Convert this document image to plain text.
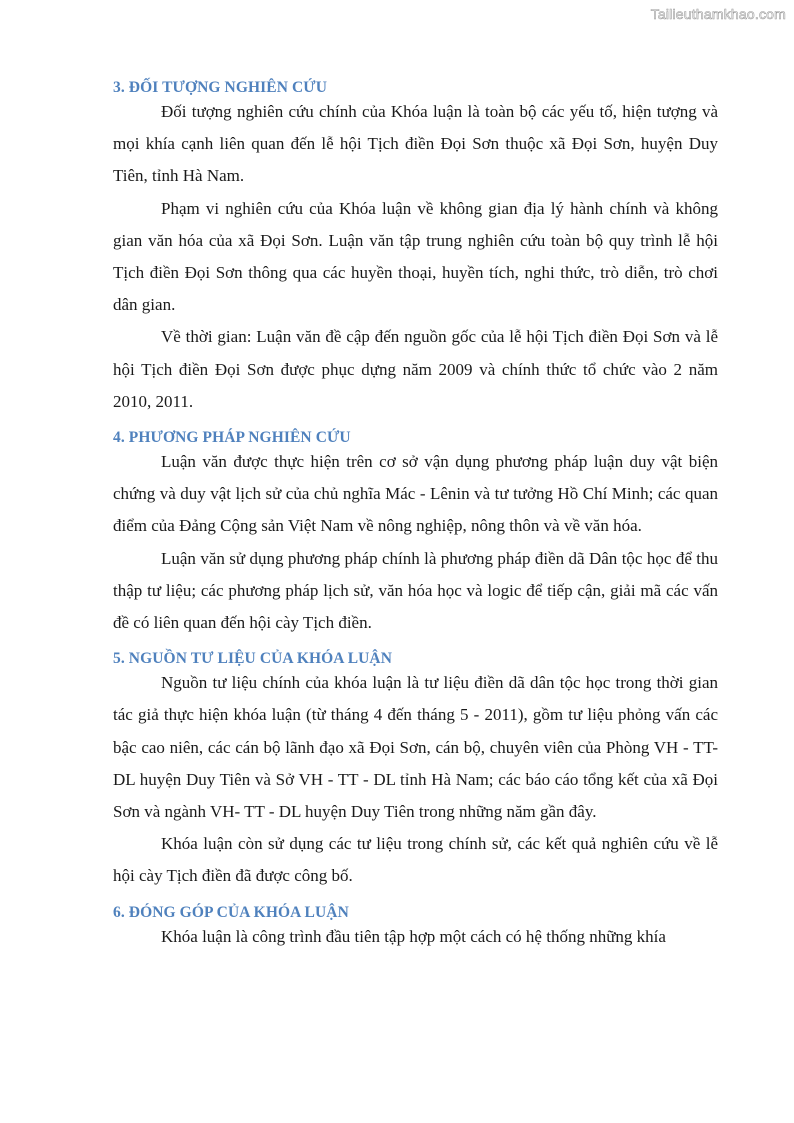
Tailieuthamkhao.com
3. ĐỐI TƯỢNG NGHIÊN CỨU

Đối tượng nghiên cứu chính của Khóa luận là toàn bộ các yếu tố, hiện tượng và mọi khía cạnh liên quan đến lễ hội Tịch điền Đọi Sơn thuộc xã Đọi Sơn, huyện Duy Tiên, tỉnh Hà Nam.

Phạm vi nghiên cứu của Khóa luận về không gian địa lý hành chính và không gian văn hóa của xã Đọi Sơn. Luận văn tập trung nghiên cứu toàn bộ quy trình lễ hội Tịch điền Đọi Sơn thông qua các huyền thoại, huyền tích, nghi thức, trò diễn, trò chơi dân gian.

Về thời gian: Luận văn đề cập đến nguồn gốc của lễ hội Tịch điền Đọi Sơn và lễ hội Tịch điền Đọi Sơn được phục dựng năm 2009 và chính thức tổ chức vào 2 năm 2010, 2011.

4. PHƯƠNG PHÁP NGHIÊN CỨU

Luận văn được thực hiện trên cơ sở vận dụng phương pháp luận duy vật biện chứng và duy vật lịch sử của chủ nghĩa Mác - Lênin và tư tưởng Hồ Chí Minh; các quan điểm của Đảng Cộng sản Việt Nam về nông nghiệp, nông thôn và về văn hóa.

Luận văn sử dụng phương pháp chính là phương pháp điền dã Dân tộc học để thu thập tư liệu; các phương pháp lịch sử, văn hóa học và logic để tiếp cận, giải mã các vấn đề có liên quan đến hội cày Tịch điền.

5. NGUỒN TƯ LIỆU CỦA KHÓA LUẬN

Nguồn tư liệu chính của khóa luận là tư liệu điền dã dân tộc học trong thời gian tác giả thực hiện khóa luận (từ tháng 4 đến tháng 5 - 2011), gồm tư liệu phỏng vấn các bậc cao niên, các cán bộ lãnh đạo xã Đọi Sơn, cán bộ, chuyên viên của Phòng VH - TT- DL huyện Duy Tiên và Sở VH - TT - DL tỉnh Hà Nam; các báo cáo tổng kết của xã Đọi Sơn và ngành VH- TT - DL huyện Duy Tiên trong những năm gần đây.

Khóa luận còn sử dụng các tư liệu trong chính sử, các kết quả nghiên cứu về lễ hội cày Tịch điền đã được công bố.

6. ĐÓNG GÓP CỦA KHÓA LUẬN

Khóa luận là công trình đầu tiên tập hợp một cách có hệ thống những khía
